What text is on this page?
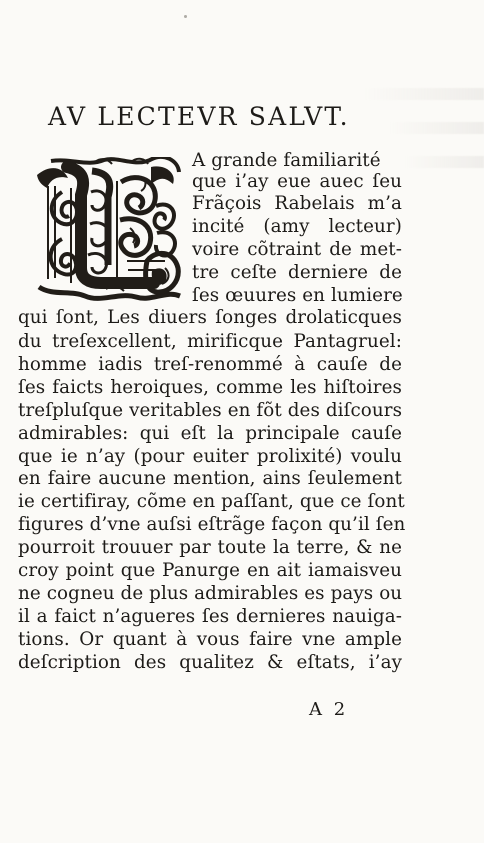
AV LECTEVR SALVT.
L	A grande familiarité

que i’ay eue auec ſeu

Frãçois Rabelais m’a

incité (amy lecteur)

voire cõtraint de met-

tre ceſte derniere de

ſes œuures en lumiere

qui ſont, Les diuers ſonges drolaticques

du treſexcellent, mirificque Pantagruel:

homme iadis treſ-renommé à cauſe de

ſes faicts heroiques, comme les hiſtoires

treſpluſque veritables en fõt des diſcours

admirables: qui eſt la principale cauſe

que ie n’ay (pour euiter prolixité) voulu

en faire aucune mention, ains ſeulement

ie certifiray, cõme en paſſant, que ce ſont

figures d’vne auſsi eſtrãge façon qu’il ſen

pourroit trouuer par toute la terre, & ne

croy point que Panurge en ait iamaisveu

ne cogneu de plus admirables es pays ou

il a faict n’agueres ſes dernieres nauiga-

tions. Or quant à vous faire vne ample

deſcription des qualitez & eſtats, i’ay

A 2
